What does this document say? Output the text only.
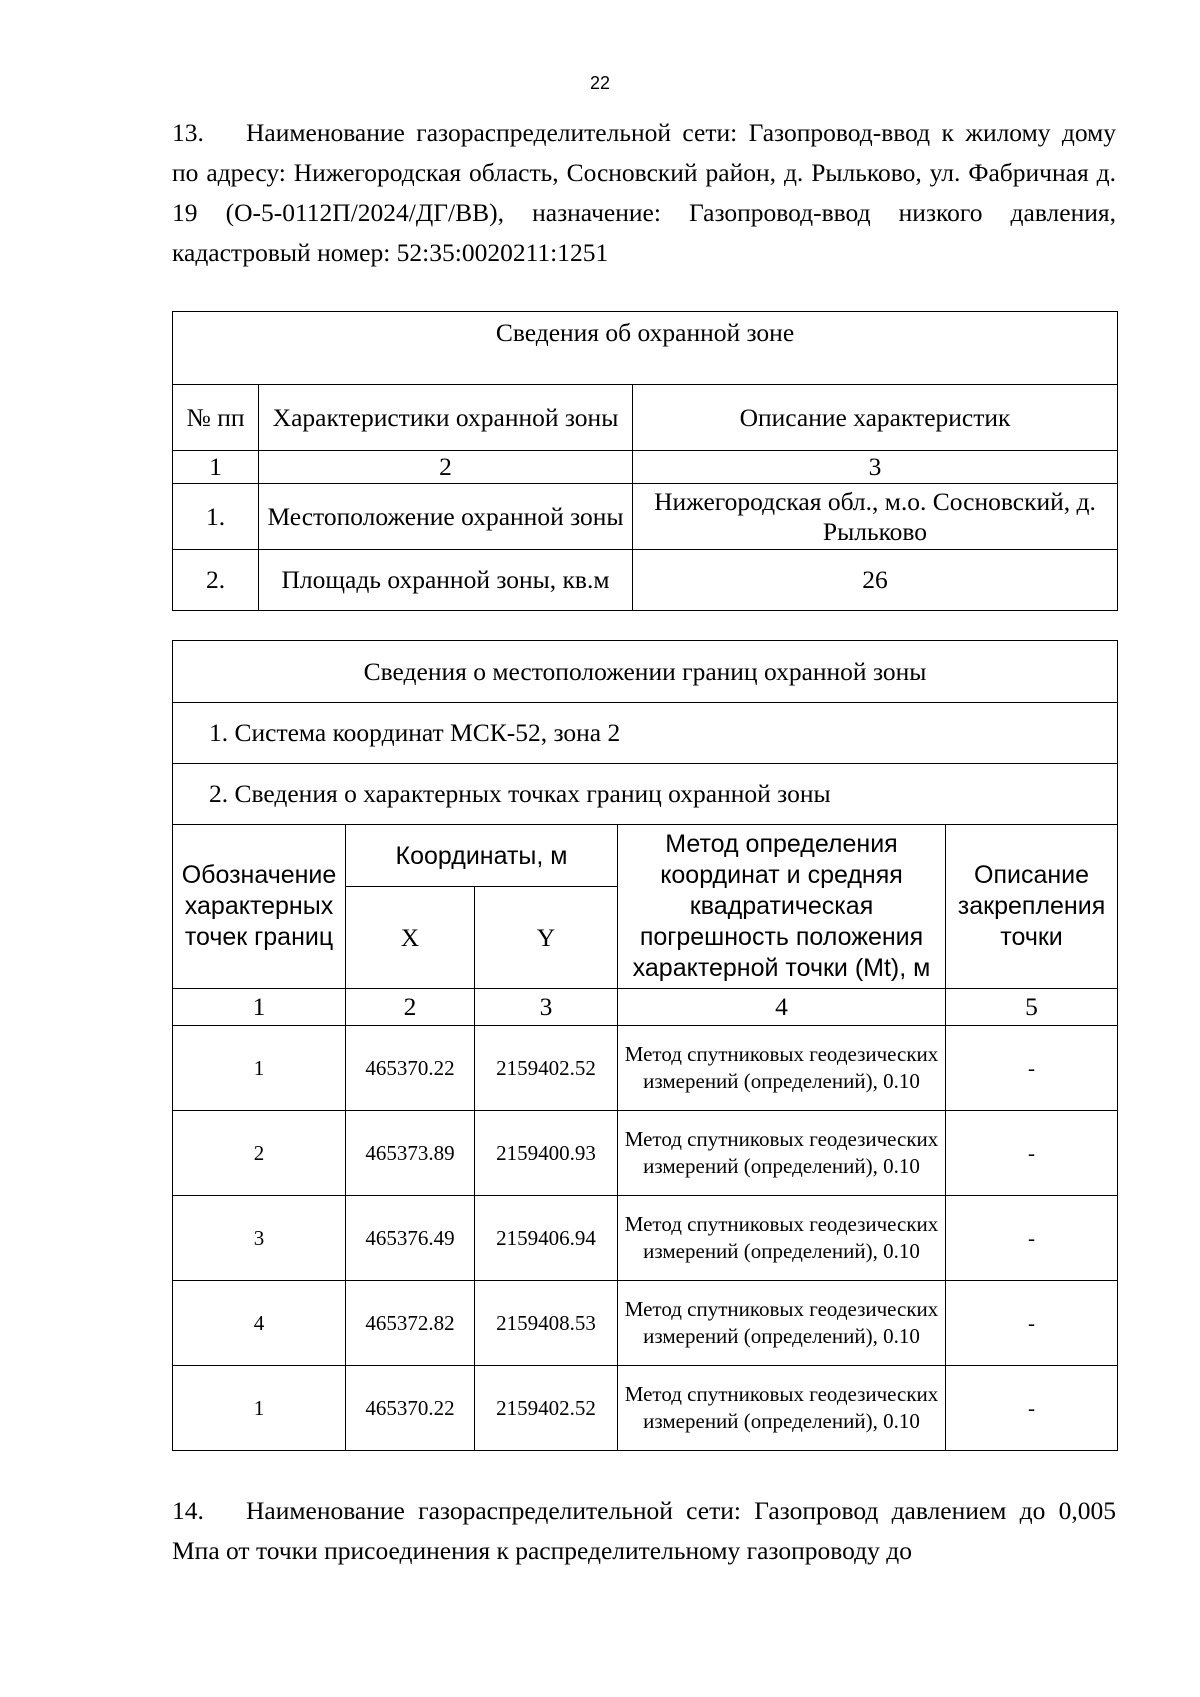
22
13. Наименование газораспределительной сети: Газопровод-ввод к жилому дому по адресу: Нижегородская область, Сосновский район, д. Рыльково, ул. Фабричная д. 19 (О-5-0112П/2024/ДГ/ВВ), назначение: Газопровод-ввод низкого давления, кадастровый номер: 52:35:0020211:1251
Сведения об охранной зоне		
№ пп	Характеристики охранной зоны	Описание характеристик
1	2	3
1.	Местоположение охранной зоны	Нижегородская обл., м.о. Сосновский, д. Рыльково
2.	Площадь охранной зоны, кв.м	26
Сведения о местоположении границ охранной зоны				
1. Система координат МСК-52, зона 2				
2. Сведения о характерных точках границ охранной зоны				
Обозначение характерных точек границ	Координаты, м		Метод определения координат и средняя квадратическая погрешность положения характерной точки (Mt), м	Описание закрепления точки
	X	Y		
1	2	3	4	5
1	465370.22	2159402.52	Метод спутниковых геодезических измерений (определений), 0.10	-
2	465373.89	2159400.93	Метод спутниковых геодезических измерений (определений), 0.10	-
3	465376.49	2159406.94	Метод спутниковых геодезических измерений (определений), 0.10	-
4	465372.82	2159408.53	Метод спутниковых геодезических измерений (определений), 0.10	-
1	465370.22	2159402.52	Метод спутниковых геодезических измерений (определений), 0.10	-
14. Наименование газораспределительной сети: Газопровод давлением до 0,005 Мпа от точки присоединения к распределительному газопроводу до
